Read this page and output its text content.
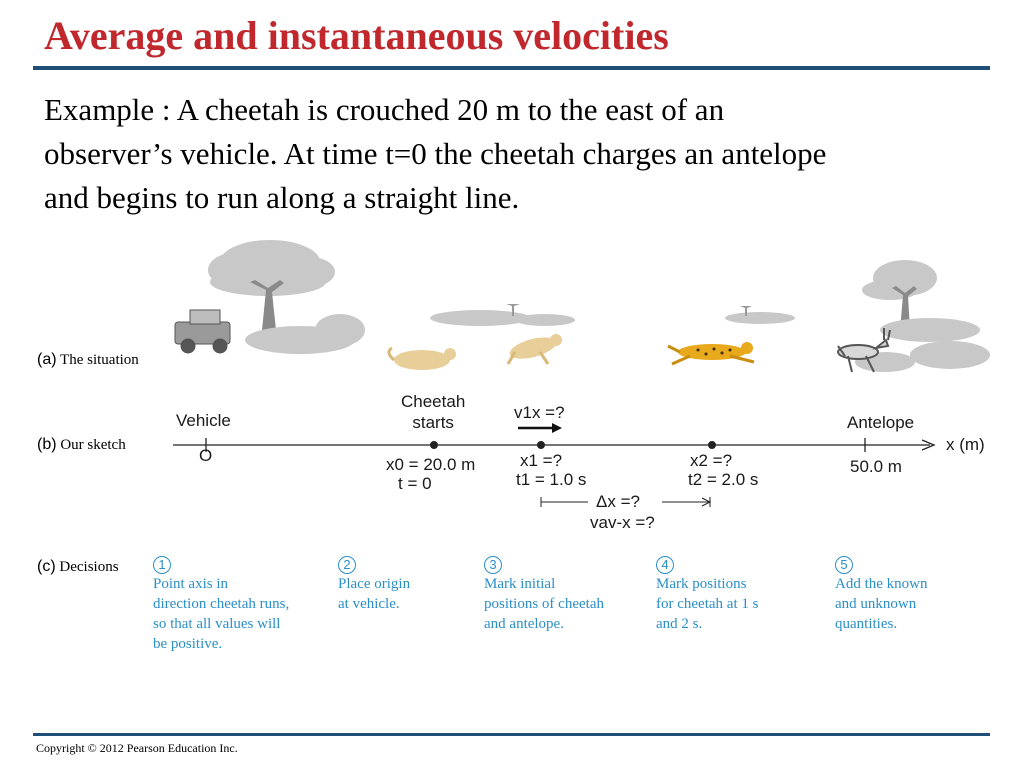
Average and instantaneous velocities
Example : A cheetah is crouched 20 m to the east of an
observer’s vehicle. At time t=0 the cheetah charges an antelope
and begins to run along a straight line.
(a) The situation
(b) Our sketch
(c) Decisions
Vehicle
O
Cheetah
starts
v1x =?
Antelope
x (m)
x0 = 20.0 m
t = 0
x1 =?
t1 = 1.0 s
x2 =?
t2 = 2.0 s
50.0 m
Δx =?
vav-x =?
1
Point axis in
direction cheetah runs,
so that all values will
be positive.
2
Place origin
at vehicle.
3
Mark initial
positions of cheetah
and antelope.
4
Mark positions
for cheetah at 1 s
and 2 s.
5
Add the known
and unknown
quantities.
Copyright © 2012 Pearson Education Inc.
